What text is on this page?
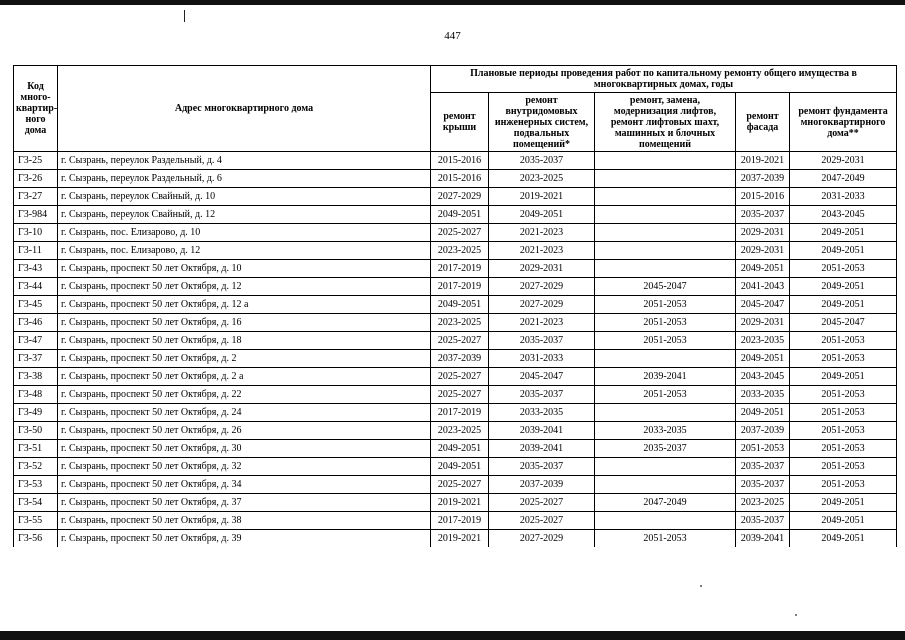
447
Код много-квартир-ного дома	Адрес многоквартирного дома	Плановые периоды проведения работ по капитальному ремонту общего имущества в многоквартирных домах, годы				
		ремонт крыши	ремонт внутридомовых инженерных систем, подвальных помещений*	ремонт, замена, модернизация лифтов, ремонт лифтовых шахт, машинных и блочных помещений	ремонт фасада	ремонт фундамента многоквартирного дома**
Г3-25	г. Сызрань, переулок Раздельный, д. 4	2015-2016	2035-2037		2019-2021	2029-2031
Г3-26	г. Сызрань, переулок Раздельный, д. 6	2015-2016	2023-2025		2037-2039	2047-2049
Г3-27	г. Сызрань, переулок Свайный, д. 10	2027-2029	2019-2021		2015-2016	2031-2033
Г3-984	г. Сызрань, переулок Свайный, д. 12	2049-2051	2049-2051		2035-2037	2043-2045
Г3-10	г. Сызрань, пос. Елизарово, д. 10	2025-2027	2021-2023		2029-2031	2049-2051
Г3-11	г. Сызрань, пос. Елизарово, д. 12	2023-2025	2021-2023		2029-2031	2049-2051
Г3-43	г. Сызрань, проспект 50 лет Октября, д. 10	2017-2019	2029-2031		2049-2051	2051-2053
Г3-44	г. Сызрань, проспект 50 лет Октября, д. 12	2017-2019	2027-2029	2045-2047	2041-2043	2049-2051
Г3-45	г. Сызрань, проспект 50 лет Октября, д. 12 а	2049-2051	2027-2029	2051-2053	2045-2047	2049-2051
Г3-46	г. Сызрань, проспект 50 лет Октября, д. 16	2023-2025	2021-2023	2051-2053	2029-2031	2045-2047
Г3-47	г. Сызрань, проспект 50 лет Октября, д. 18	2025-2027	2035-2037	2051-2053	2023-2035	2051-2053
Г3-37	г. Сызрань, проспект 50 лет Октября, д. 2	2037-2039	2031-2033		2049-2051	2051-2053
Г3-38	г. Сызрань, проспект 50 лет Октября, д. 2 а	2025-2027	2045-2047	2039-2041	2043-2045	2049-2051
Г3-48	г. Сызрань, проспект 50 лет Октября, д. 22	2025-2027	2035-2037	2051-2053	2033-2035	2051-2053
Г3-49	г. Сызрань, проспект 50 лет Октября, д. 24	2017-2019	2033-2035		2049-2051	2051-2053
Г3-50	г. Сызрань, проспект 50 лет Октября, д. 26	2023-2025	2039-2041	2033-2035	2037-2039	2051-2053
Г3-51	г. Сызрань, проспект 50 лет Октября, д. 30	2049-2051	2039-2041	2035-2037	2051-2053	2051-2053
Г3-52	г. Сызрань, проспект 50 лет Октября, д. 32	2049-2051	2035-2037		2035-2037	2051-2053
Г3-53	г. Сызрань, проспект 50 лет Октября, д. 34	2025-2027	2037-2039		2035-2037	2051-2053
Г3-54	г. Сызрань, проспект 50 лет Октября, д. 37	2019-2021	2025-2027	2047-2049	2023-2025	2049-2051
Г3-55	г. Сызрань, проспект 50 лет Октября, д. 38	2017-2019	2025-2027		2035-2037	2049-2051
Г3-56	г. Сызрань, проспект 50 лет Октября, д. 39	2019-2021	2027-2029	2051-2053	2039-2041	2049-2051
